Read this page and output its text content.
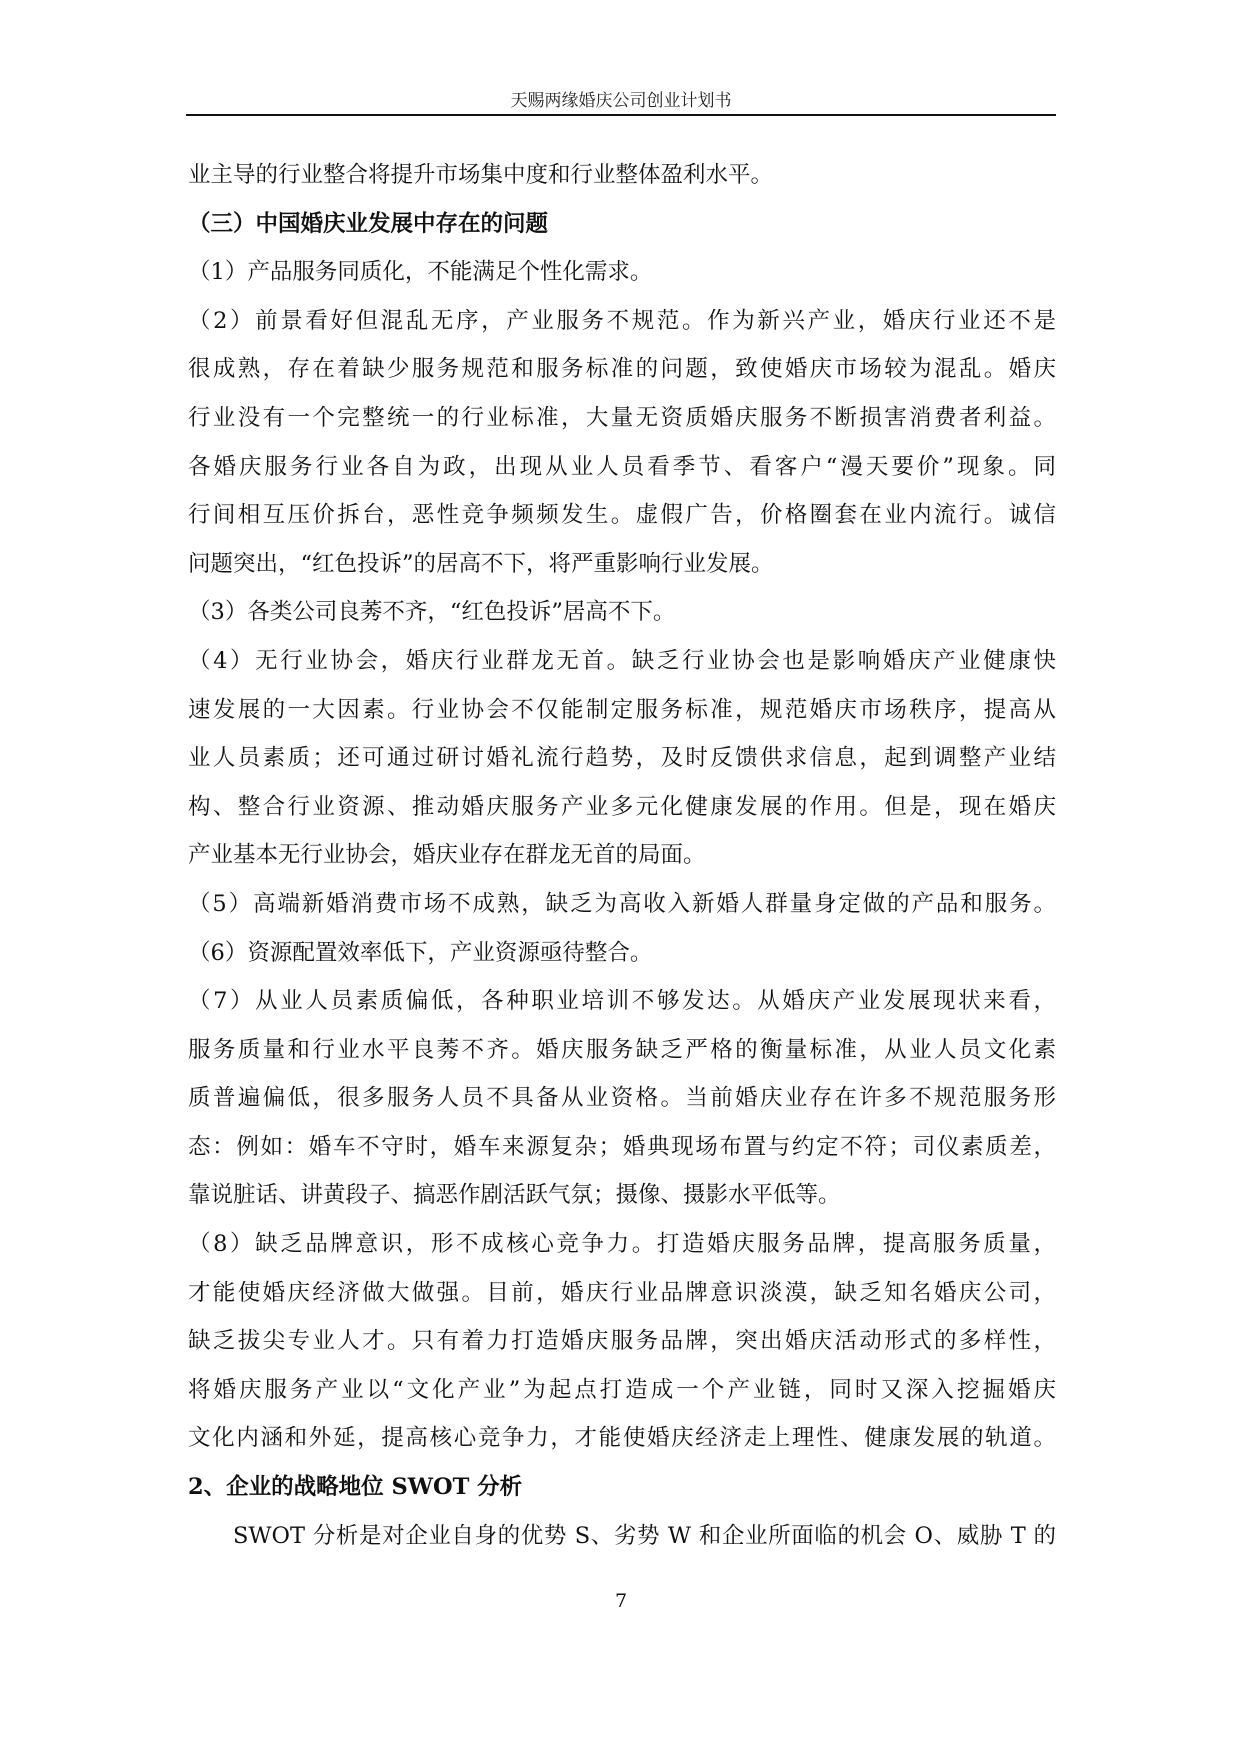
天赐两缘婚庆公司创业计划书
业主导的行业整合将提升市场集中度和行业整体盈利水平。
（三）中国婚庆业发展中存在的问题
（1）产品服务同质化，不能满足个性化需求。
（2）前景看好但混乱无序，产业服务不规范。作为新兴产业，婚庆行业还不是
很成熟，存在着缺少服务规范和服务标准的问题，致使婚庆市场较为混乱。婚庆
行业没有一个完整统一的行业标准，大量无资质婚庆服务不断损害消费者利益。
各婚庆服务行业各自为政，出现从业人员看季节、看客户“漫天要价”现象。同
行间相互压价拆台，恶性竞争频频发生。虚假广告，价格圈套在业内流行。诚信
问题突出，“红色投诉”的居高不下，将严重影响行业发展。
（3）各类公司良莠不齐，“红色投诉”居高不下。
（4）无行业协会，婚庆行业群龙无首。缺乏行业协会也是影响婚庆产业健康快
速发展的一大因素。行业协会不仅能制定服务标准，规范婚庆市场秩序，提高从
业人员素质；还可通过研讨婚礼流行趋势，及时反馈供求信息，起到调整产业结
构、整合行业资源、推动婚庆服务产业多元化健康发展的作用。但是，现在婚庆
产业基本无行业协会，婚庆业存在群龙无首的局面。
（5）高端新婚消费市场不成熟，缺乏为高收入新婚人群量身定做的产品和服务。
（6）资源配置效率低下，产业资源亟待整合。
（7）从业人员素质偏低，各种职业培训不够发达。从婚庆产业发展现状来看，
服务质量和行业水平良莠不齐。婚庆服务缺乏严格的衡量标准，从业人员文化素
质普遍偏低，很多服务人员不具备从业资格。当前婚庆业存在许多不规范服务形
态：例如：婚车不守时，婚车来源复杂；婚典现场布置与约定不符；司仪素质差，
靠说脏话、讲黄段子、搞恶作剧活跃气氛；摄像、摄影水平低等。
（8）缺乏品牌意识，形不成核心竞争力。打造婚庆服务品牌，提高服务质量，
才能使婚庆经济做大做强。目前，婚庆行业品牌意识淡漠，缺乏知名婚庆公司，
缺乏拔尖专业人才。只有着力打造婚庆服务品牌，突出婚庆活动形式的多样性，
将婚庆服务产业以“文化产业”为起点打造成一个产业链，同时又深入挖掘婚庆
文化内涵和外延，提高核心竞争力，才能使婚庆经济走上理性、健康发展的轨道。
2、企业的战略地位 SWOT 分析
SWOT 分析是对企业自身的优势 S、劣势 W 和企业所面临的机会 O、威胁 T 的
7
